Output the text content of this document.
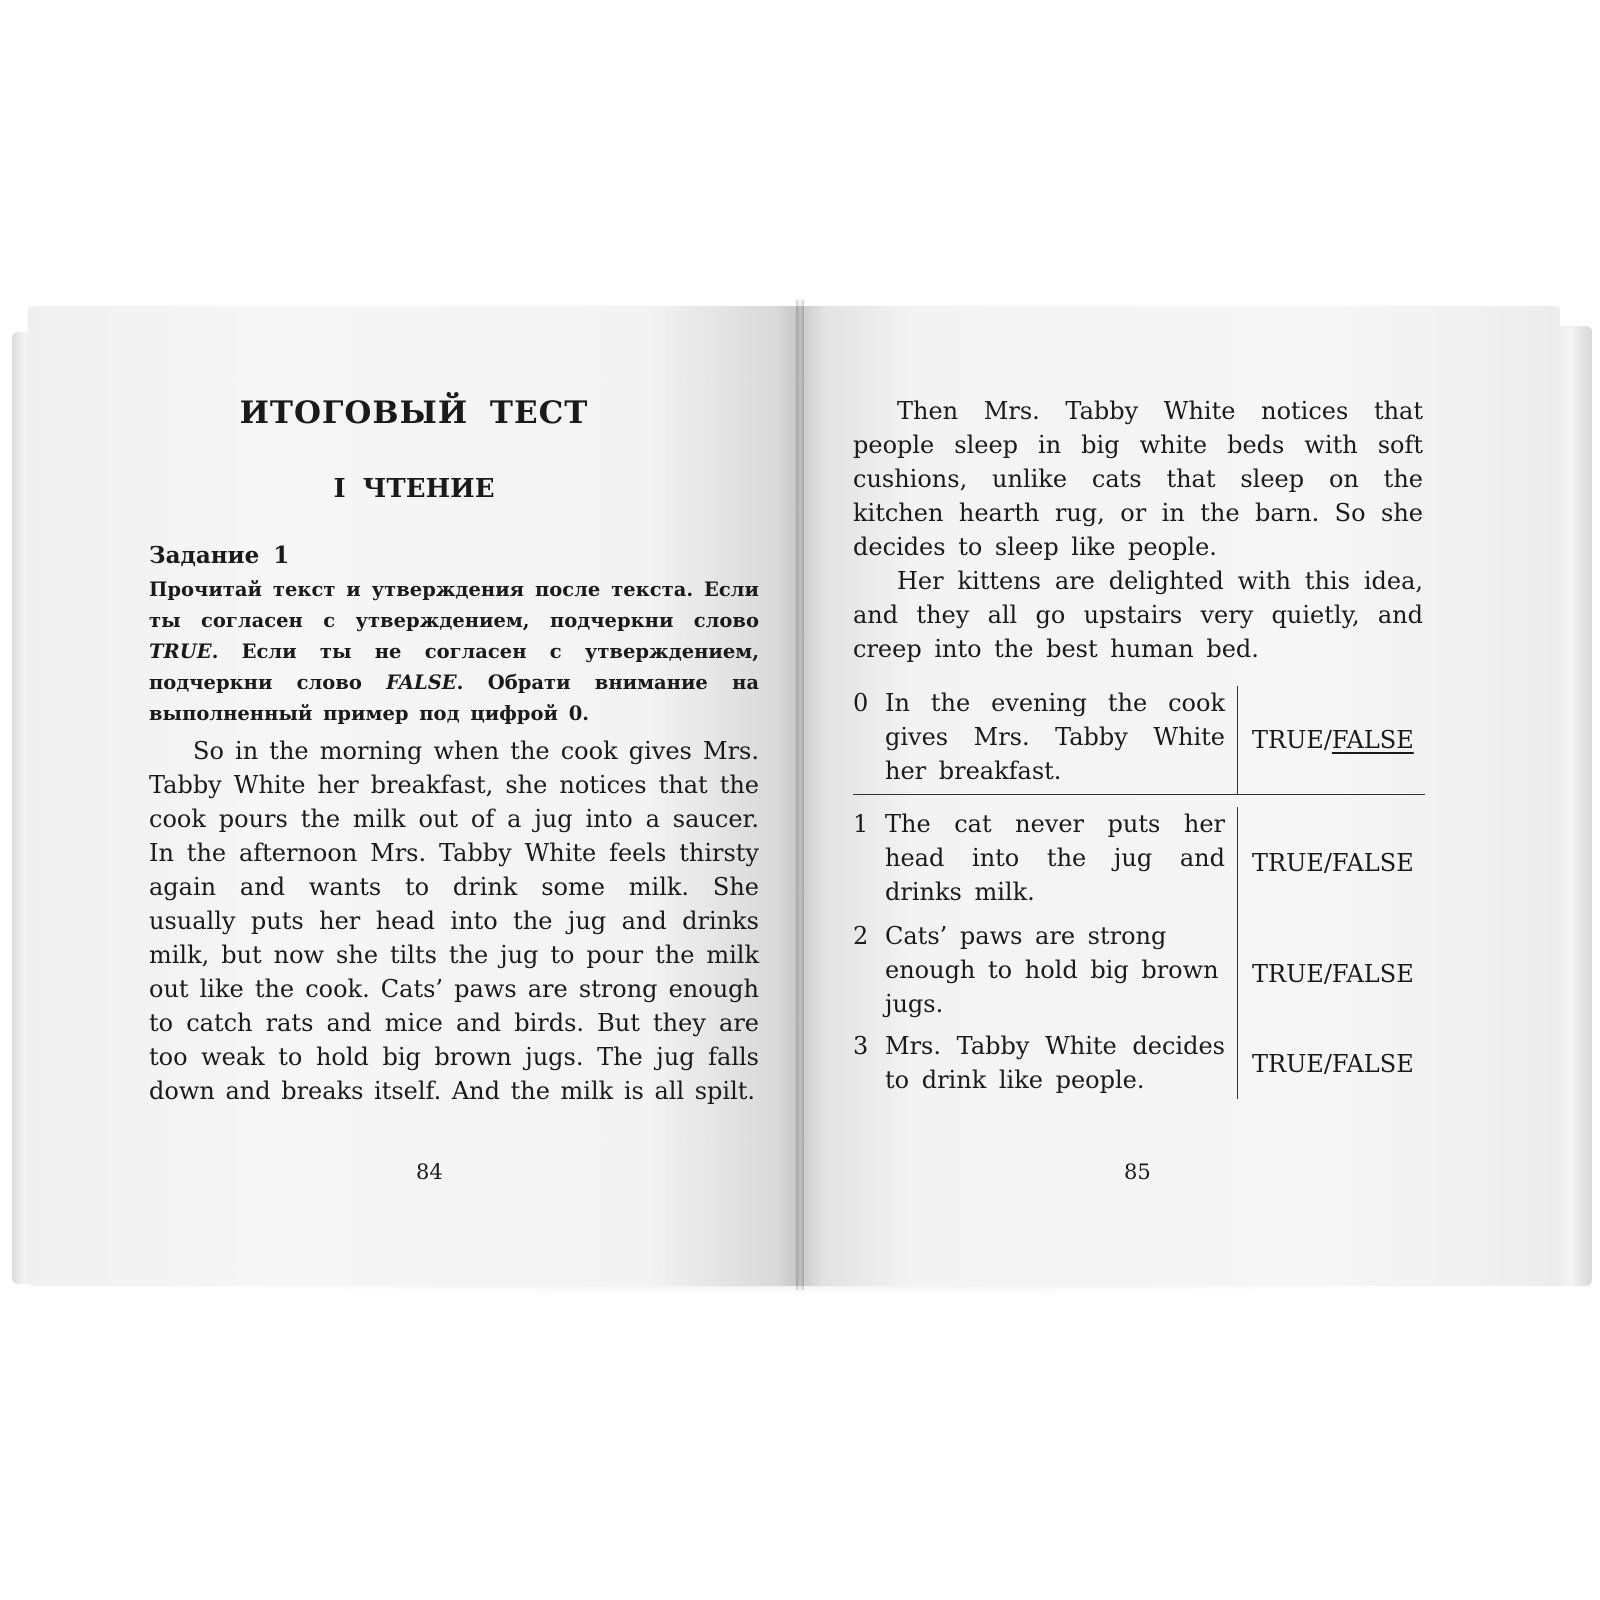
ИТОГОВЫЙ ТЕСТ
I ЧТЕНИЕ
Задание 1
Прочитай текст и утверждения после текста. Если ты согласен с утверждением, подчеркни слово TRUE. Если ты не согласен с утверждением, подчеркни слово FALSE. Обрати внимание на выполненный пример под цифрой 0.

So in the morning when the cook gives Mrs. Tabby White her breakfast, she notices that the cook pours the milk out of a jug into a saucer. In the afternoon Mrs. Tabby White feels thirsty again and wants to drink some milk. She usually puts her head into the jug and drinks milk, but now she tilts the jug to pour the milk out like the cook. Cats’ paws are strong enough to catch rats and mice and birds. But they are too weak to hold big brown jugs. The jug falls down and breaks itself. And the milk is all spilt.

84

Then Mrs. Tabby White notices that people sleep in big white beds with soft cushions, unlike cats that sleep on the kitchen hearth rug, or in the barn. So she decides to sleep like people.

Her kittens are delighted with this idea, and they all go upstairs very quietly, and creep into the best human bed.

0 In the evening the cook gives Mrs. Tabby White her breakfast.
TRUE/ FALSE
1 The cat never puts her head into the jug and drinks milk.
TRUE/FALSE
2 Cats’ paws are strong enough to hold big brown jugs.
TRUE/FALSE
3 Mrs. Tabby White decides to drink like people.
TRUE/FALSE
85
